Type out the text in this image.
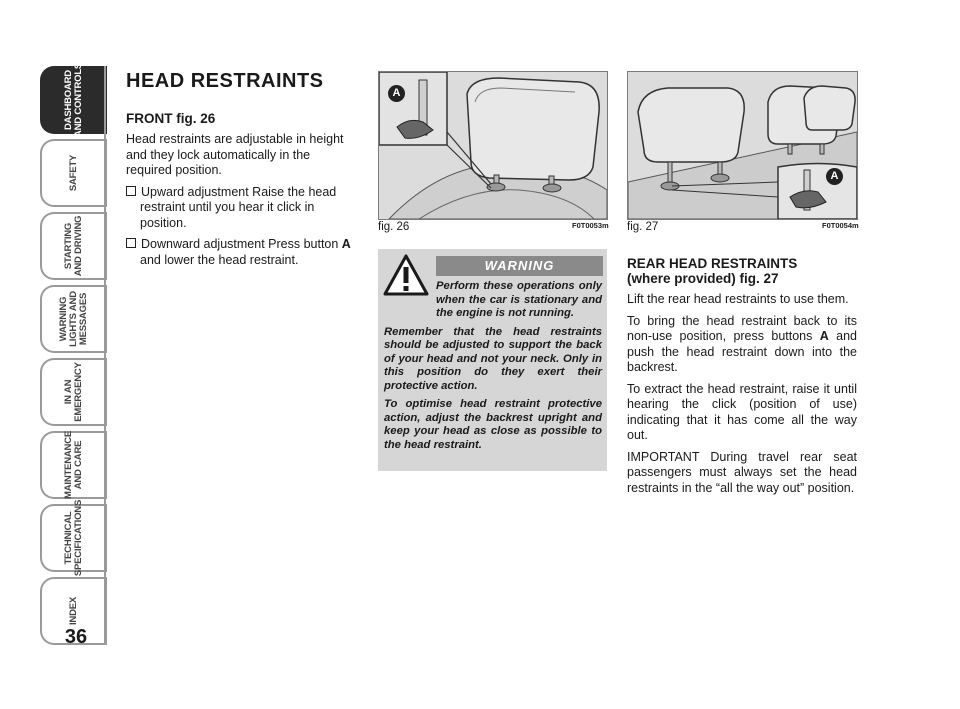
DASHBOARD
AND CONTROLS
SAFETY
STARTING
AND DRIVING
WARNING
LIGHTS AND
MESSAGES
IN AN
EMERGENCY
MAINTENANCE
AND CARE
TECHNICAL
SPECIFICATIONS
INDEX
36
HEAD RESTRAINTS
FRONT fig. 26

Head restraints are adjustable in height and they lock automatically in the required position.

Upward adjustment Raise the head restraint until you hear it click in position.
Downward adjustment Press button A and lower the head restraint.
A
fig. 26	F0T0053m
A
fig. 27	F0T0054m
WARNING

Perform these operations only when the car is stationary and the engine is not running.

Remember that the head restraints should be adjusted to support the back of your head and not your neck. Only in this position do they exert their protective action.

To optimise head restraint protective action, adjust the backrest upright and keep your head as close as possible to the head restraint.

REAR HEAD RESTRAINTS
(where provided) fig. 27

Lift the rear head restraints to use them.

To bring the head restraint back to its non-use position, press buttons A and push the head restraint down into the backrest.

To extract the head restraint, raise it until hearing the click (position of use) indicating that it has come all the way out.

IMPORTANT During travel rear seat passengers must always set the head restraints in the “all the way out” position.
